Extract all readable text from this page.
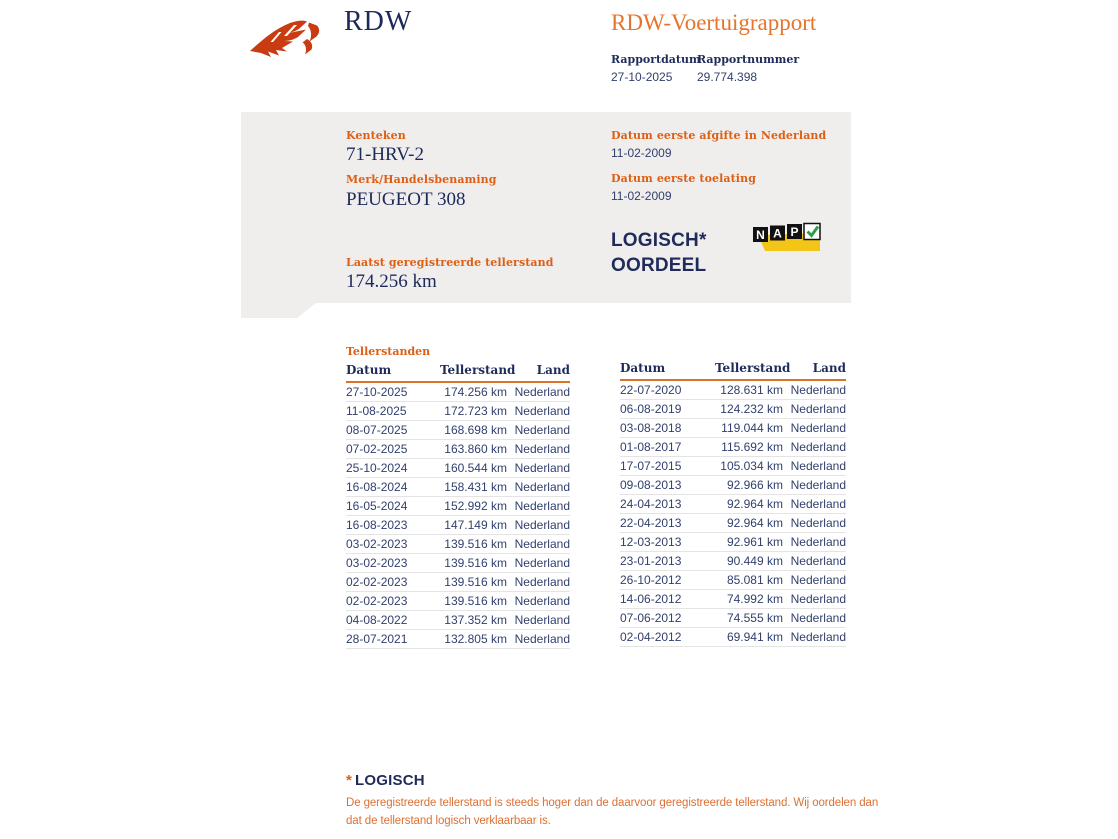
RDW	RDW-Voertuigrapport
Rapportdatum
27-10-2025
Rapportnummer
29.774.398
Kenteken
71-HRV-2
Merk/Handelsbenaming
PEUGEOT 308
Laatst geregistreerde tellerstand
174.256 km
Datum eerste afgifte in Nederland
11-02-2009
Datum eerste toelating
11-02-2009
LOGISCH*
OORDEEL
N A P
Tellerstanden
Datum	Tellerstand	Land
27-10-2025	174.256 km	Nederland
11-08-2025	172.723 km	Nederland
08-07-2025	168.698 km	Nederland
07-02-2025	163.860 km	Nederland
25-10-2024	160.544 km	Nederland
16-08-2024	158.431 km	Nederland
16-05-2024	152.992 km	Nederland
16-08-2023	147.149 km	Nederland
03-02-2023	139.516 km	Nederland
03-02-2023	139.516 km	Nederland
02-02-2023	139.516 km	Nederland
02-02-2023	139.516 km	Nederland
04-08-2022	137.352 km	Nederland
28-07-2021	132.805 km	Nederland
Datum	Tellerstand	Land
22-07-2020	128.631 km	Nederland
06-08-2019	124.232 km	Nederland
03-08-2018	119.044 km	Nederland
01-08-2017	115.692 km	Nederland
17-07-2015	105.034 km	Nederland
09-08-2013	92.966 km	Nederland
24-04-2013	92.964 km	Nederland
22-04-2013	92.964 km	Nederland
12-03-2013	92.961 km	Nederland
23-01-2013	90.449 km	Nederland
26-10-2012	85.081 km	Nederland
14-06-2012	74.992 km	Nederland
07-06-2012	74.555 km	Nederland
02-04-2012	69.941 km	Nederland
* LOGISCH
De geregistreerde tellerstand is steeds hoger dan de daarvoor geregistreerde tellerstand. Wij oordelen dan
dat de tellerstand logisch verklaarbaar is.
